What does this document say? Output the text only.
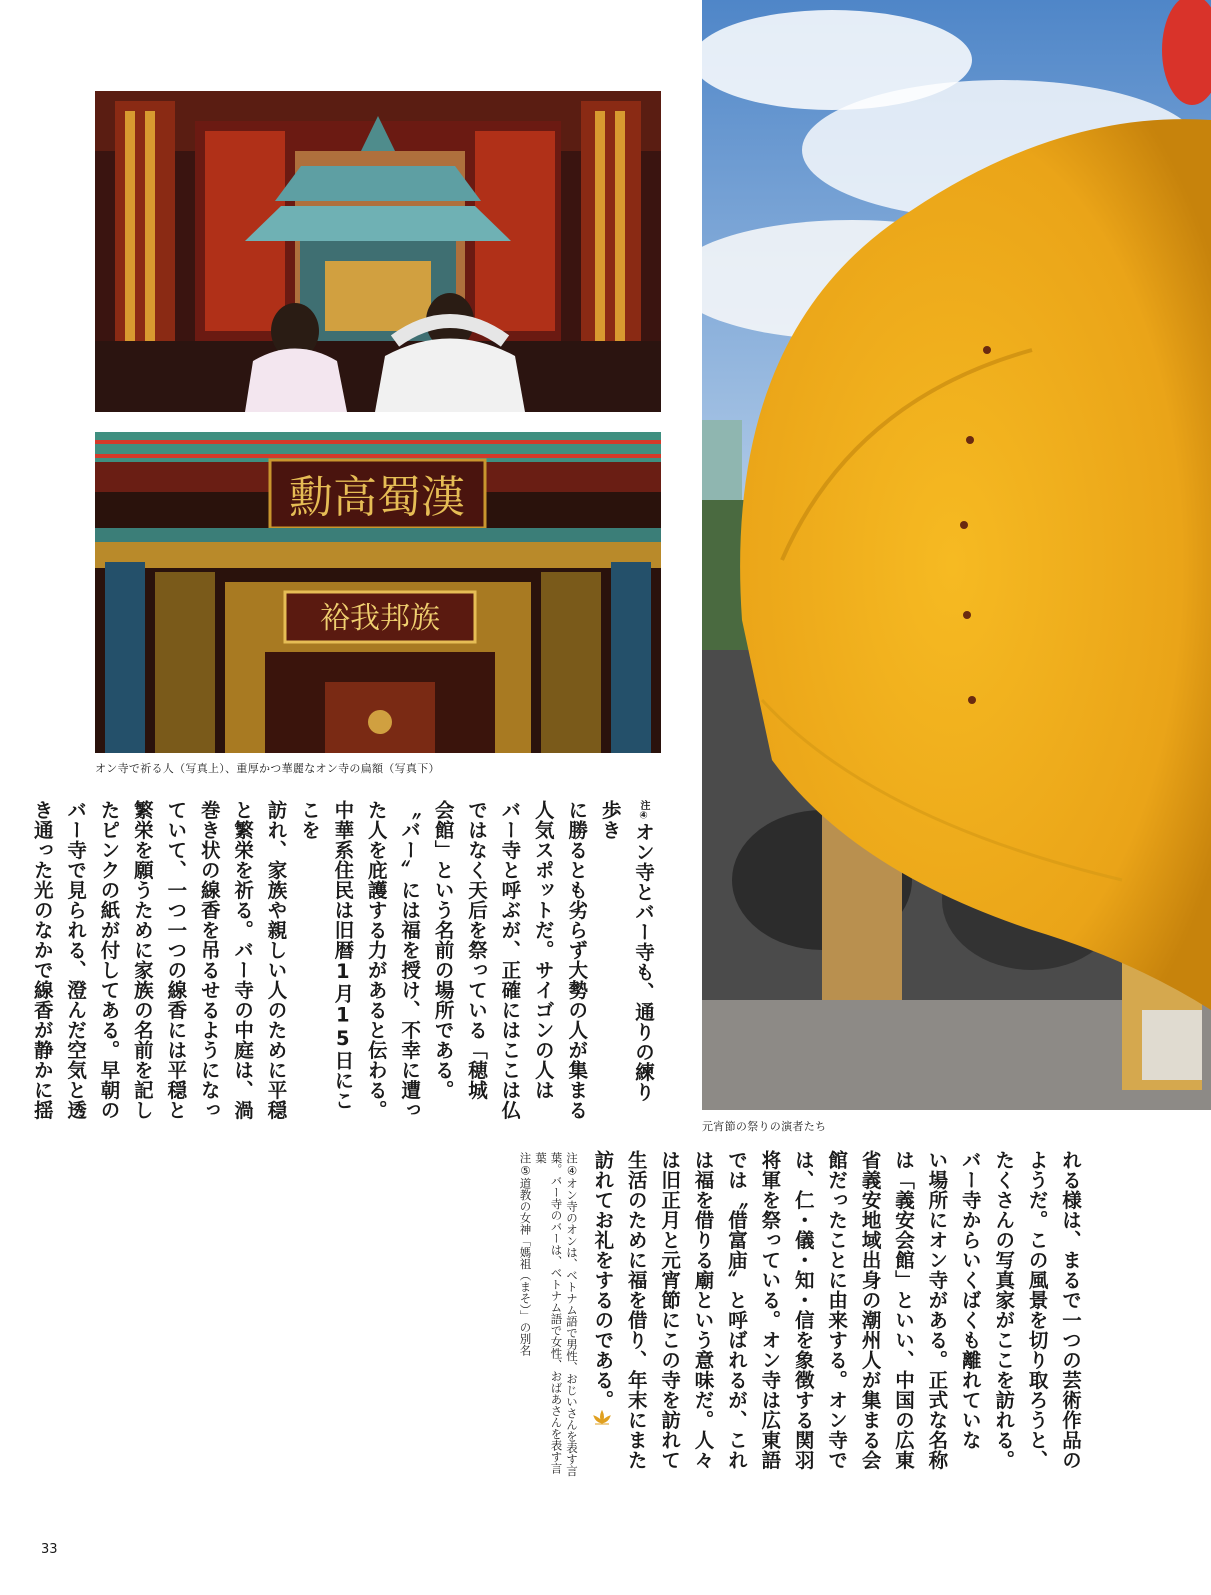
勳高蜀漢
裕我邦族
オン寺で祈る人（写真上）、重厚かつ華麗なオン寺の扁額（写真下）
元宵節の祭りの演者たち
注④オン寺とバー寺も、通りの練り歩き
に勝るとも劣らず大勢の人が集まる
人気スポットだ。サイゴンの人は
バー寺と呼ぶが、正確にはここは仏
ではなく天后を祭っている「穂城
会館」という名前の場所である。
〝バー〟には福を授け、不幸に遭っ
た人を庇護する力があると伝わる。
中華系住民は旧暦1月15日にここを
訪れ、家族や親しい人のために平穏
と繁栄を祈る。バー寺の中庭は、渦
巻き状の線香を吊るせるようになっ
ていて、一つ一つの線香には平穏と
繁栄を願うために家族の名前を記し
たピンクの紙が付してある。早朝の
バー寺で見られる、澄んだ空気と透
き通った光のなかで線香が静かに揺
れる様は、まるで一つの芸術作品の
ようだ。この風景を切り取ろうと、
たくさんの写真家がここを訪れる。
バー寺からいくばくも離れていな
い場所にオン寺がある。正式な名称
は「義安会館」といい、中国の広東
省義安地域出身の潮州人が集まる会
館だったことに由来する。オン寺で
は、仁・儀・知・信を象徴する関羽
将軍を祭っている。オン寺は広東語
では〝借富庙〟と呼ばれるが、これ
は福を借りる廟という意味だ。人々
は旧正月と元宵節にこの寺を訪れて
生活のために福を借り、年末にまた
訪れてお礼をするのである。
注④オン寺のオンは、ベトナム語で男性、おじいさんを表す言葉。バー寺のバーは、ベトナム語で女性、おばあさんを表す言葉
注⑤道教の女神「媽祖（まそ）」の別名
33
